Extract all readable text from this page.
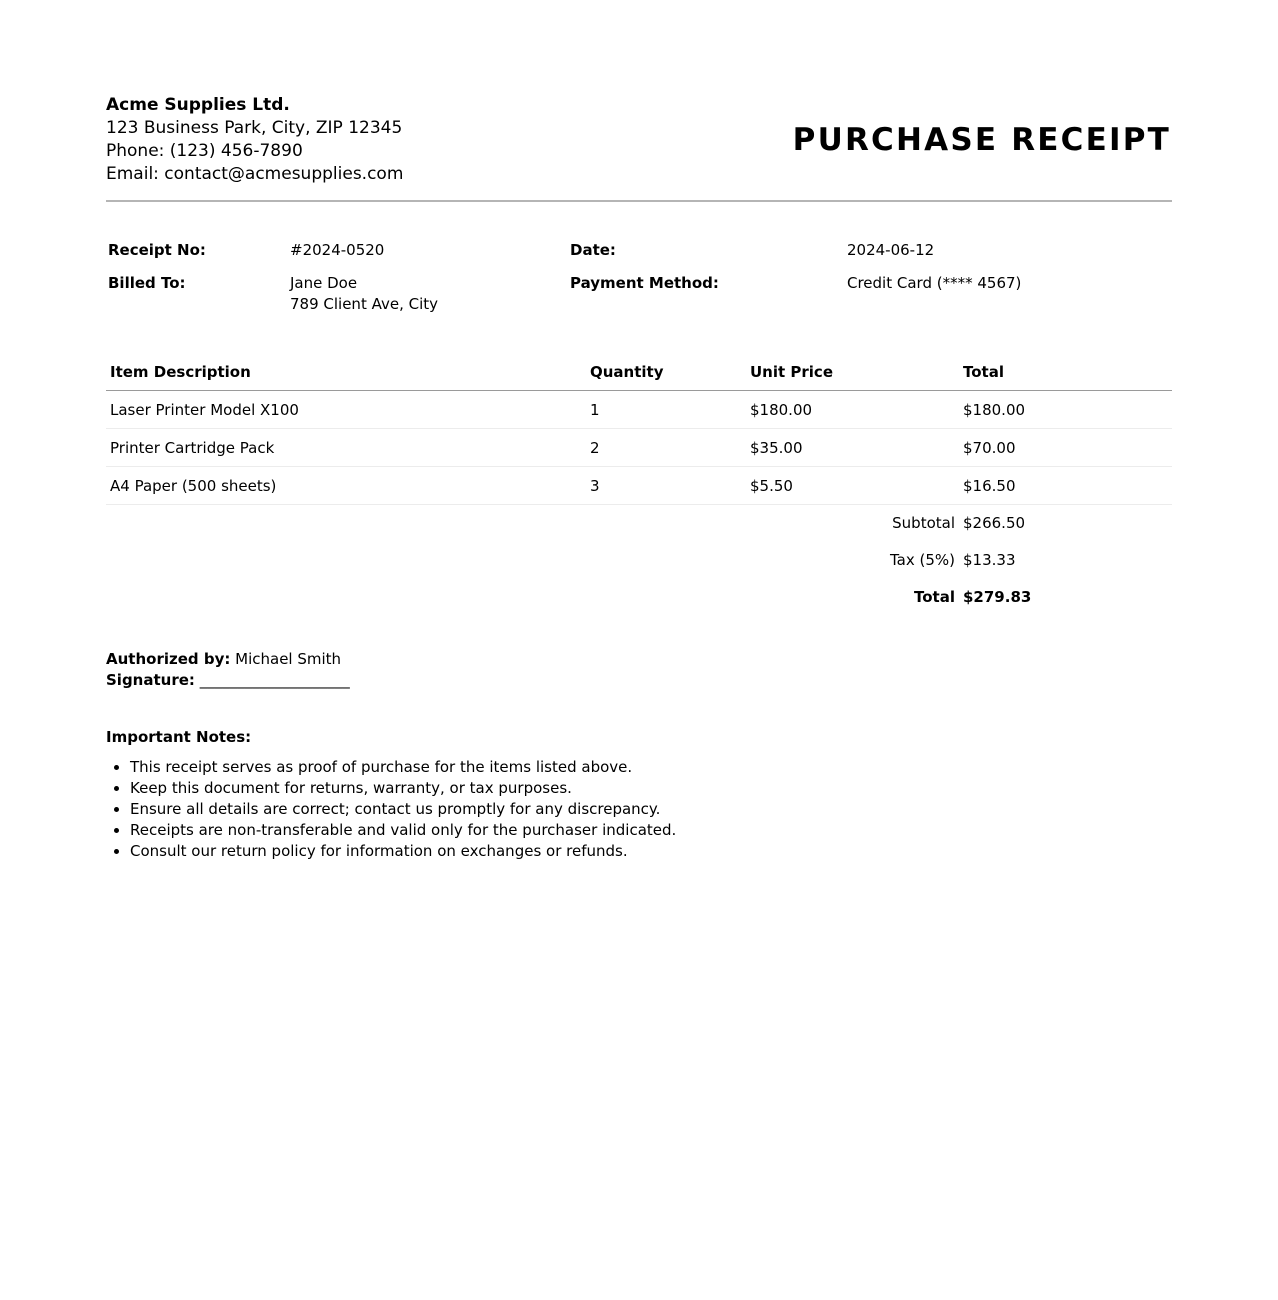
Acme Supplies Ltd.
123 Business Park, City, ZIP 12345
Phone: (123) 456-7890
Email: contact@acmesupplies.com
PURCHASE RECEIPT
Receipt No:	#2024-0520	Date:	2024-06-12
Billed To:	Jane Doe
789 Client Ave, City
Payment Method:	Credit Card (**** 4567)
Item Description	Quantity	Unit Price	Total
Laser Printer Model X100	1	$180.00	$180.00
Printer Cartridge Pack	2	$35.00	$70.00
A4 Paper (500 sheets)	3	$5.50	$16.50
Subtotal $266.50
Tax (5%) $13.33
Total $279.83
Authorized by: Michael Smith
Signature: ____________________
Important Notes:
• This receipt serves as proof of purchase for the items listed above.
• Keep this document for returns, warranty, or tax purposes.
• Ensure all details are correct; contact us promptly for any discrepancy.
• Receipts are non-transferable and valid only for the purchaser indicated.
• Consult our return policy for information on exchanges or refunds.
